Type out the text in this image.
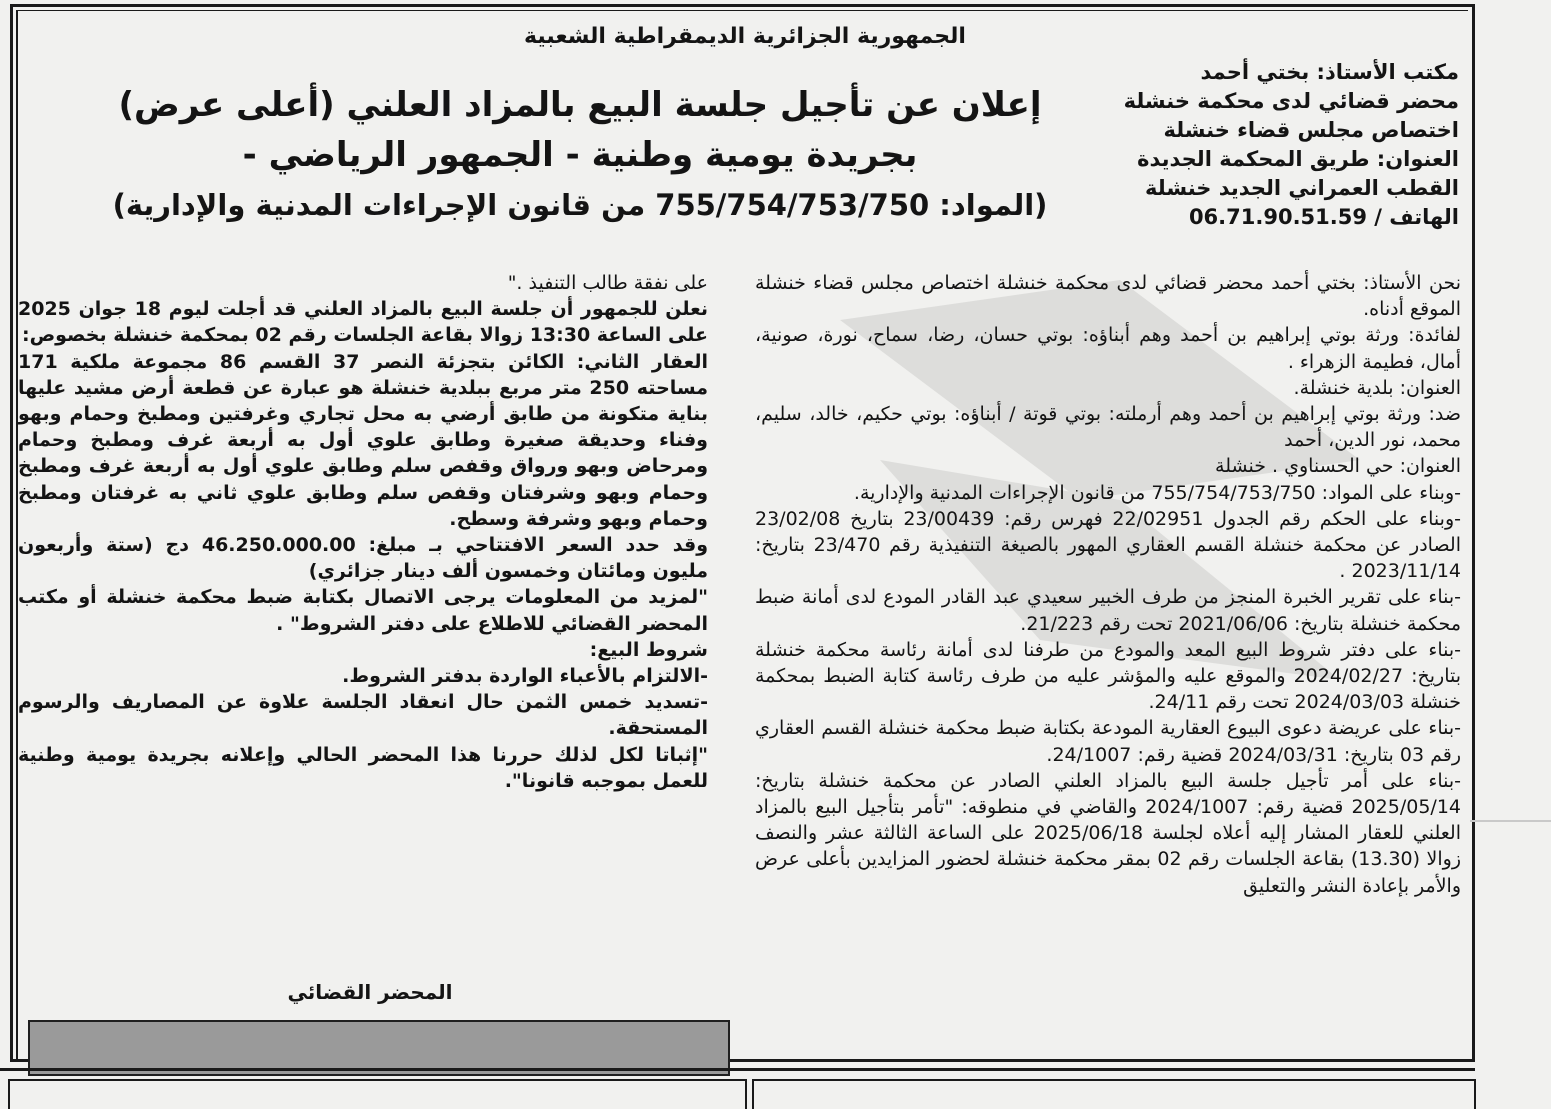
الجمهورية الجزائرية الديمقراطية الشعبية
مكتب الأستاذ: بختي أحمد
محضر قضائي لدى محكمة خنشلة
اختصاص مجلس قضاء خنشلة
العنوان: طريق المحكمة الجديدة
القطب العمراني الجديد خنشلة
الهاتف / 06.71.90.51.59
إعلان عن تأجيل جلسة البيع بالمزاد العلني (أعلى عرض)
بجريدة يومية وطنية - الجمهور الرياضي -
(المواد: 755/754/753/750 من قانون الإجراءات المدنية والإدارية)

نحن الأستاذ: بختي أحمد محضر قضائي لدى محكمة خنشلة اختصاص مجلس قضاء خنشلة الموقع أدناه.

لفائدة: ورثة بوتي إبراهيم بن أحمد وهم أبناؤه: بوتي حسان، رضا، سماح، نورة، صونية، أمال، فطيمة الزهراء .

العنوان: بلدية خنشلة.

ضد: ورثة بوتي إبراهيم بن أحمد وهم أرملته: بوتي قوتة / أبناؤه: بوتي حكيم، خالد، سليم، محمد، نور الدين، أحمد

العنوان: حي الحسناوي . خنشلة

-وبناء على المواد: 755/754/753/750 من قانون الإجراءات المدنية والإدارية.

-وبناء على الحكم رقم الجدول 22/02951 فهرس رقم: 23/00439 بتاريخ 23/02/08 الصادر عن محكمة خنشلة القسم العقاري المهور بالصيغة التنفيذية رقم 23/470 بتاريخ: 2023/11/14 .

-بناء على تقرير الخبرة المنجز من طرف الخبير سعيدي عبد القادر المودع لدى أمانة ضبط محكمة خنشلة بتاريخ: 2021/06/06 تحت رقم 21/223.

-بناء على دفتر شروط البيع المعد والمودع من طرفنا لدى أمانة رئاسة محكمة خنشلة بتاريخ: 2024/02/27 والموقع عليه والمؤشر عليه من طرف رئاسة كتابة الضبط بمحكمة خنشلة 2024/03/03 تحت رقم 24/11.

-بناء على عريضة دعوى البيوع العقارية المودعة بكتابة ضبط محكمة خنشلة القسم العقاري رقم 03 بتاريخ: 2024/03/31 قضية رقم: 24/1007.

-بناء على أمر تأجيل جلسة البيع بالمزاد العلني الصادر عن محكمة خنشلة بتاريخ: 2025/05/14 قضية رقم: 2024/1007 والقاضي في منطوقه: "تأمر بتأجيل البيع بالمزاد العلني للعقار المشار إليه أعلاه لجلسة 2025/06/18 على الساعة الثالثة عشر والنصف زوالا (13.30) بقاعة الجلسات رقم 02 بمقر محكمة خنشلة لحضور المزايدين بأعلى عرض والأمر بإعادة النشر والتعليق

على نفقة طالب التنفيذ ."

نعلن للجمهور أن جلسة البيع بالمزاد العلني قد أجلت ليوم 18 جوان 2025 على الساعة 13:30 زوالا بقاعة الجلسات رقم 02 بمحكمة خنشلة بخصوص:

العقار الثاني: الكائن بتجزئة النصر 37 القسم 86 مجموعة ملكية 171 مساحته 250 متر مربع ببلدية خنشلة هو عبارة عن قطعة أرض مشيد عليها بناية متكونة من طابق أرضي به محل تجاري وغرفتين ومطبخ وحمام وبهو وفناء وحديقة صغيرة وطابق علوي أول به أربعة غرف ومطبخ وحمام ومرحاض وبهو ورواق وقفص سلم وطابق علوي أول به أربعة غرف ومطبخ وحمام وبهو وشرفتان وقفص سلم وطابق علوي ثاني به غرفتان ومطبخ وحمام وبهو وشرفة وسطح.

وقد حدد السعر الافتتاحي بـ مبلغ: 46.250.000.00 دج (ستة وأربعون مليون ومائتان وخمسون ألف دينار جزائري)

"لمزيد من المعلومات يرجى الاتصال بكتابة ضبط محكمة خنشلة أو مكتب المحضر القضائي للاطلاع على دفتر الشروط" .

شروط البيع:

-الالتزام بالأعباء الواردة بدفتر الشروط.

-تسديد خمس الثمن حال انعقاد الجلسة علاوة عن المصاريف والرسوم المستحقة.

"إثباتا لكل لذلك حررنا هذا المحضر الحالي وإعلانه بجريدة يومية وطنية للعمل بموجبه قانونا".

المحضر القضائي
